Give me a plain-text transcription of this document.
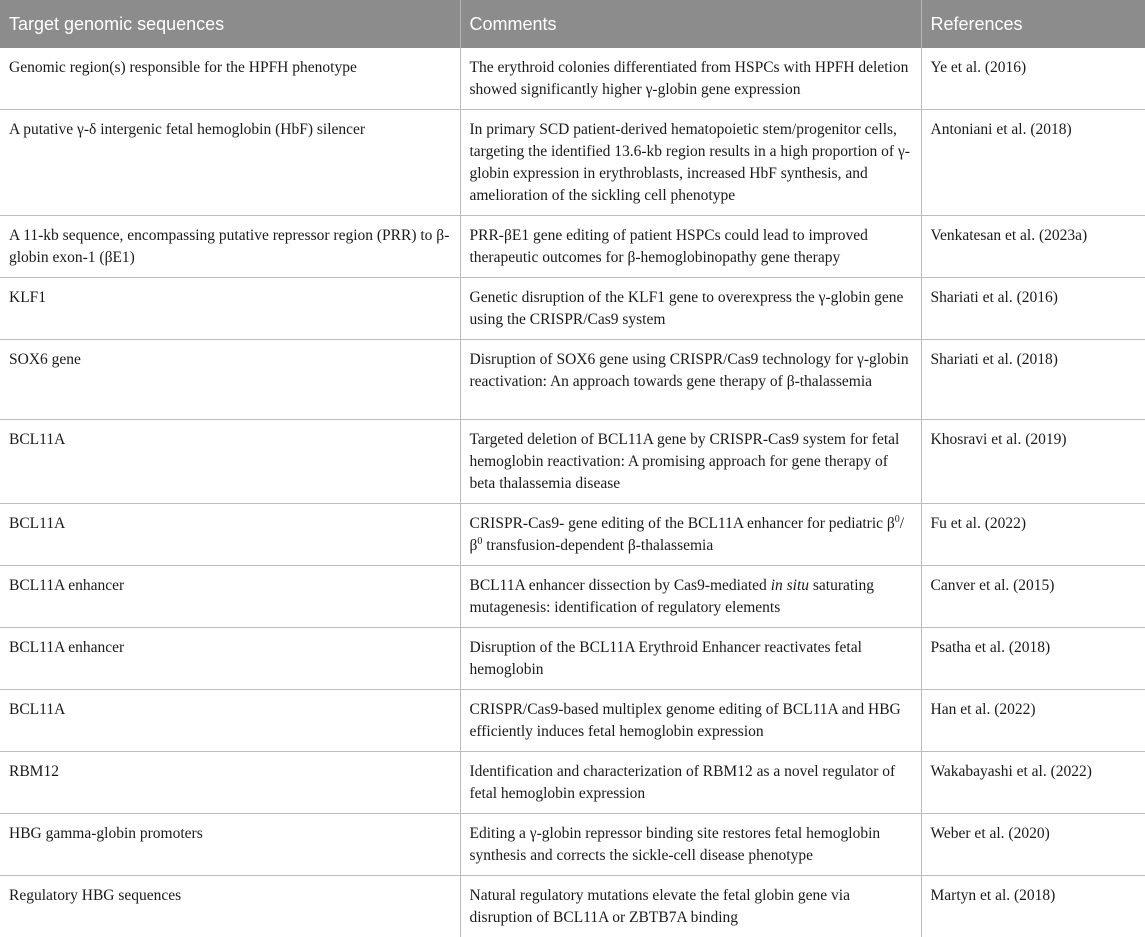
Target genomic sequences	Comments	References
Genomic region(s) responsible for the HPFH phenotype	The erythroid colonies differentiated from HSPCs with HPFH deletion showed significantly higher γ-globin gene expression	Ye et al. (2016)
A putative γ-δ intergenic fetal hemoglobin (HbF) silencer	In primary SCD patient-derived hematopoietic stem/progenitor cells, targeting the identified 13.6-kb region results in a high proportion of γ-globin expression in erythroblasts, increased HbF synthesis, and amelioration of the sickling cell phenotype	Antoniani et al. (2018)
A 11-kb sequence, encompassing putative repressor region (PRR) to β-globin exon-1 (βE1)	PRR-βE1 gene editing of patient HSPCs could lead to improved therapeutic outcomes for β-hemoglobinopathy gene therapy	Venkatesan et al. (2023a)
KLF1	Genetic disruption of the KLF1 gene to overexpress the γ-globin gene using the CRISPR/Cas9 system	Shariati et al. (2016)
SOX6 gene	Disruption of SOX6 gene using CRISPR/Cas9 technology for γ-globin reactivation: An approach towards gene therapy of β-thalassemia	Shariati et al. (2018)
BCL11A	Targeted deletion of BCL11A gene by CRISPR-Cas9 system for fetal hemoglobin reactivation: A promising approach for gene therapy of beta thalassemia disease	Khosravi et al. (2019)
BCL11A	CRISPR-Cas9- gene editing of the BCL11A enhancer for pediatric $\beta^0/\beta^0$ transfusion-dependent β-thalassemia	Fu et al. (2022)
BCL11A enhancer	BCL11A enhancer dissection by Cas9-mediated in situ saturating mutagenesis: identification of regulatory elements	Canver et al. (2015)
BCL11A enhancer	Disruption of the BCL11A Erythroid Enhancer reactivates fetal hemoglobin	Psatha et al. (2018)
BCL11A	CRISPR/Cas9-based multiplex genome editing of BCL11A and HBG efficiently induces fetal hemoglobin expression	Han et al. (2022)
RBM12	Identification and characterization of RBM12 as a novel regulator of fetal hemoglobin expression	Wakabayashi et al. (2022)
HBG gamma-globin promoters	Editing a γ-globin repressor binding site restores fetal hemoglobin synthesis and corrects the sickle-cell disease phenotype	Weber et al. (2020)
Regulatory HBG sequences	Natural regulatory mutations elevate the fetal globin gene via disruption of BCL11A or ZBTB7A binding	Martyn et al. (2018)
